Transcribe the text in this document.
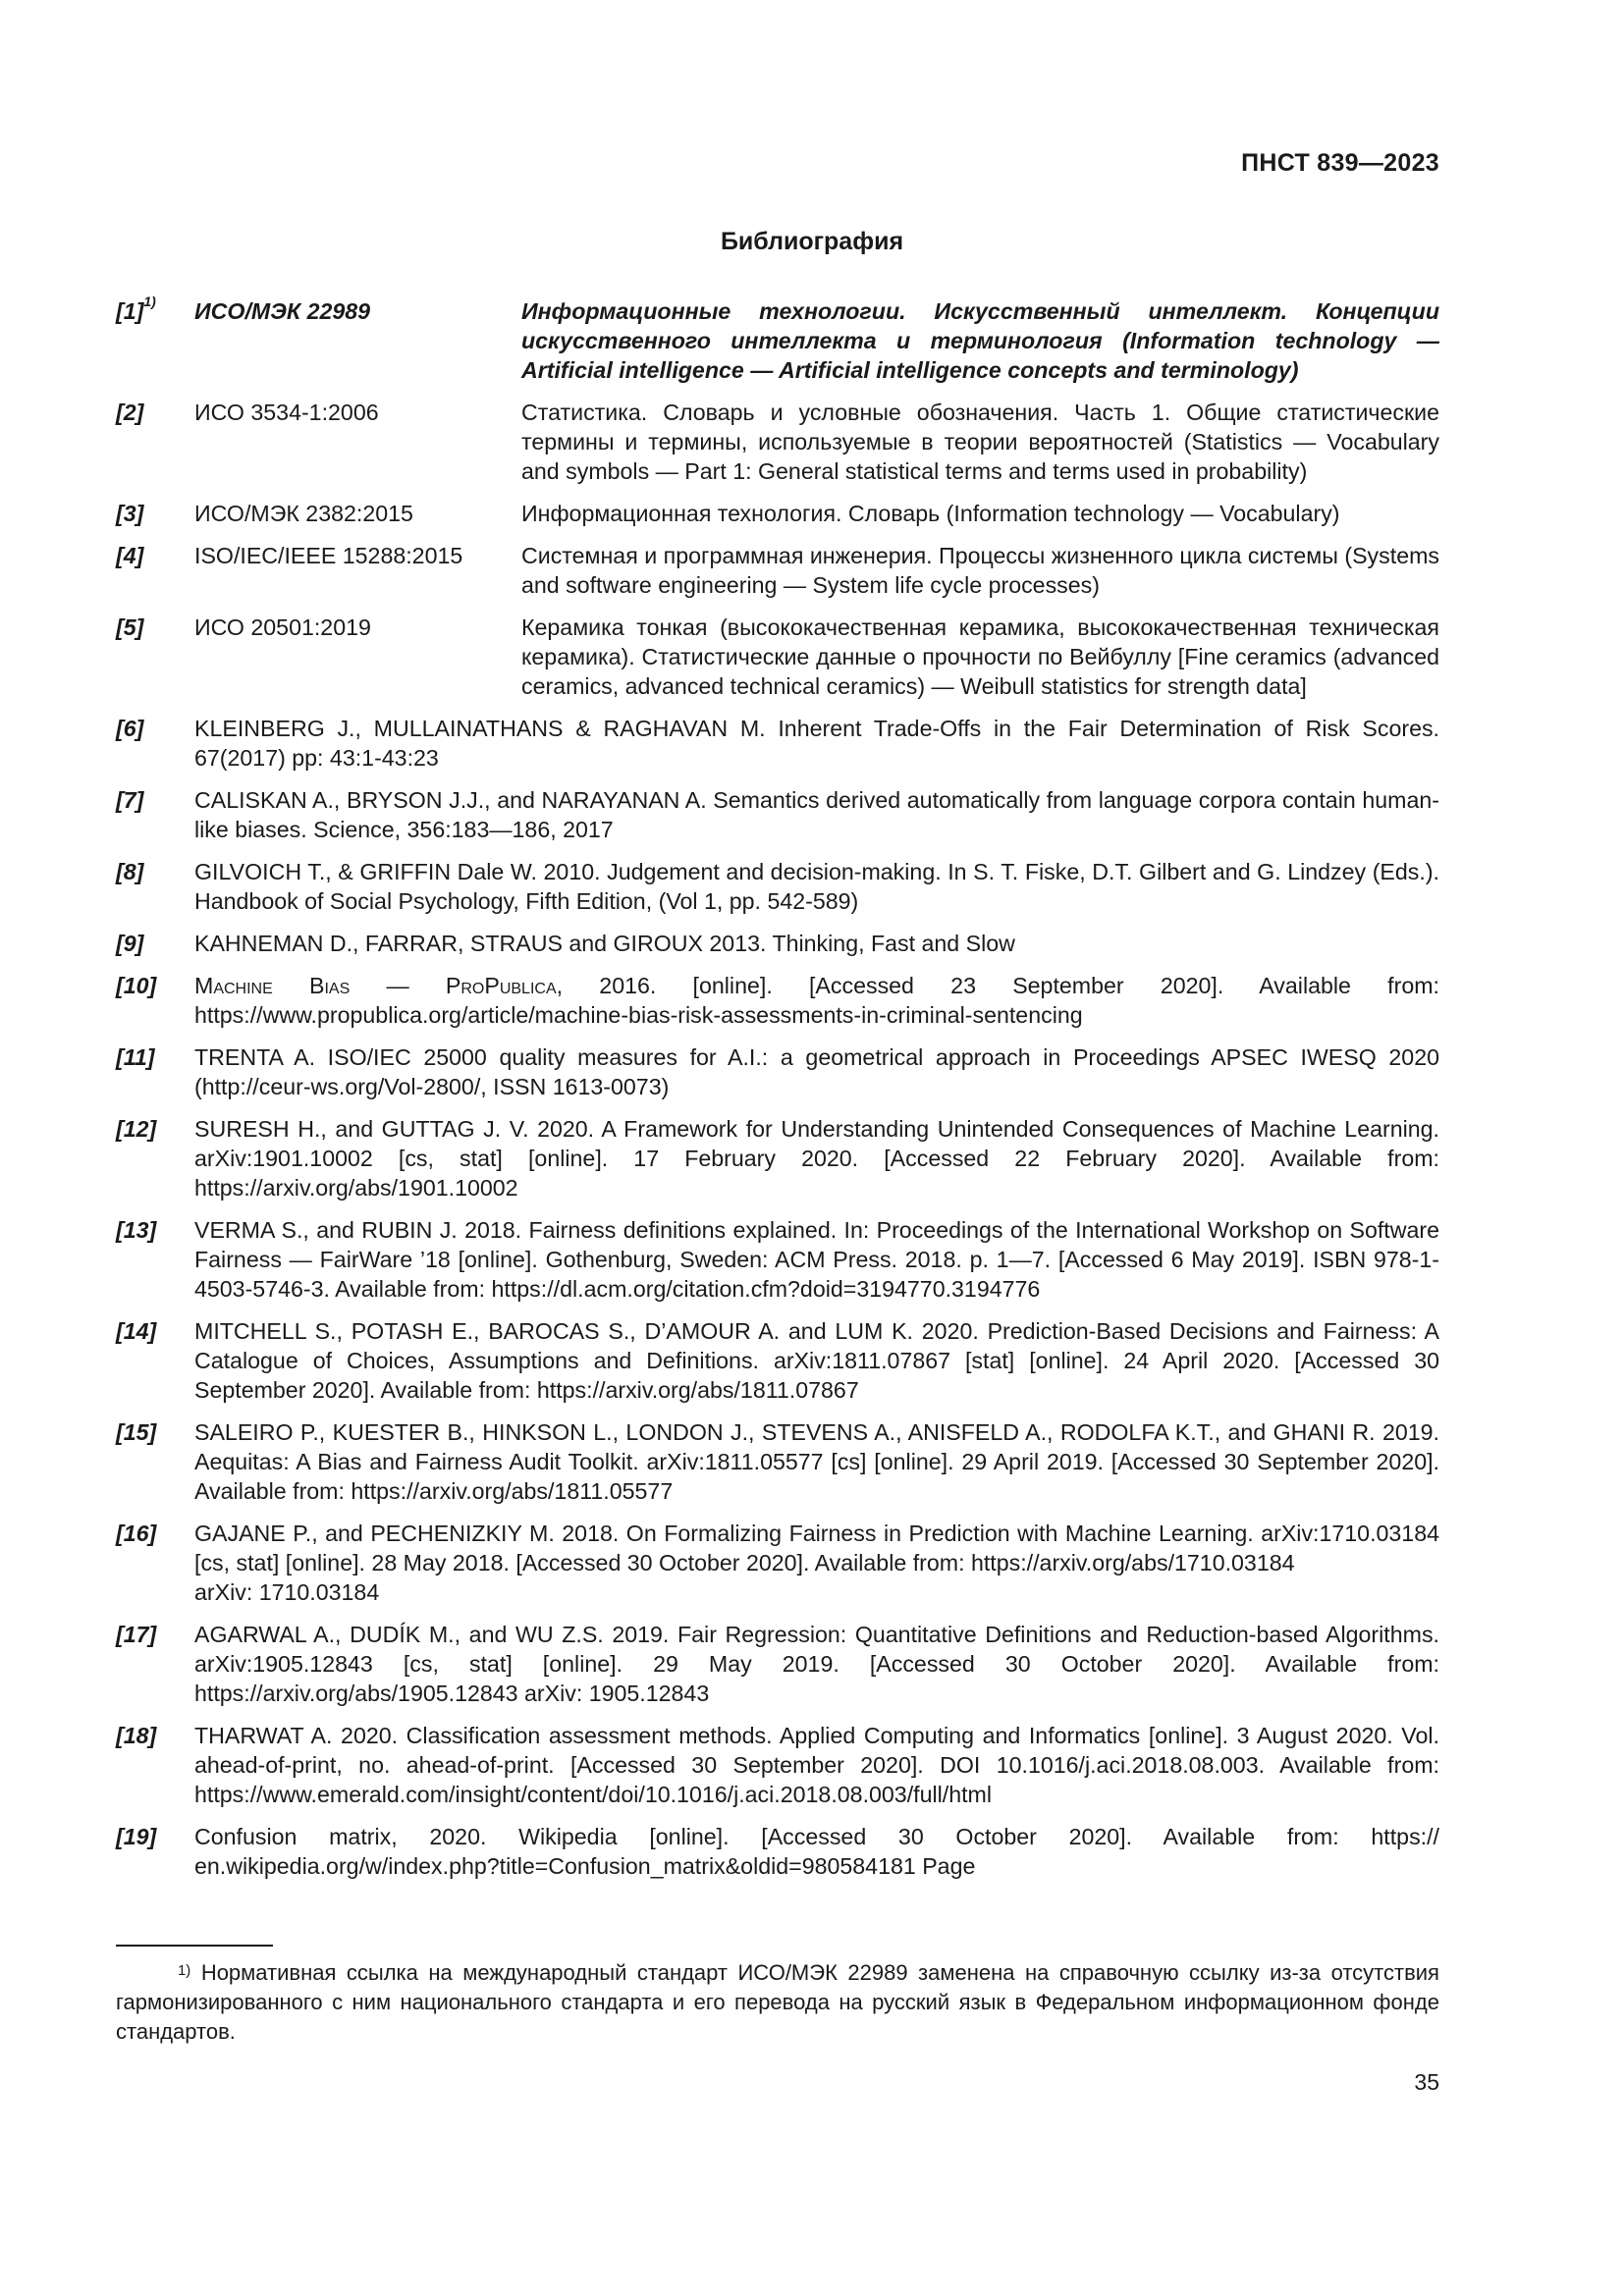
ПНСТ 839—2023
Библиография
$[1]^{1)}$	ИСО/МЭК 22989	Информационные технологии. Искусственный интеллект. Концепции искусственного интеллекта и терминология (Information technology — Artificial intelligence — Artificial intelligence concepts and terminology)
[2]	ИСО 3534-1:2006	Статистика. Словарь и условные обозначения. Часть 1. Общие статистические термины и термины, используемые в теории вероятностей (Statistics — Vocabulary and symbols — Part 1: General statistical terms and terms used in probability)
[3]	ИСО/МЭК 2382:2015	Информационная технология. Словарь (Information technology — Vocabulary)
[4]	ISO/IEC/IEEE 15288:2015	Системная и программная инженерия. Процессы жизненного цикла системы (Systems and software engineering — System life cycle processes)
[5]	ИСО 20501:2019	Керамика тонкая (высококачественная керамика, высококачественная техническая керамика). Статистические данные о прочности по Вейбуллу [Fine ceramics (advanced ceramics, advanced technical ceramics) — Weibull statistics for strength data]
[6]	KLEINBERG J., MULLAINATHANS & RAGHAVAN M. Inherent Trade-Offs in the Fair Determination of Risk Scores. 67(2017) pp: 43:1-43:23
[7]	CALISKAN A., BRYSON J.J., and NARAYANAN A. Semantics derived automatically from language corpora contain human-like biases. Science, 356:183—186, 2017
[8]	GILVOICH T., & GRIFFIN Dale W. 2010. Judgement and decision-making. In S. T. Fiske, D.T. Gilbert and G. Lindzey (Eds.). Handbook of Social Psychology, Fifth Edition, (Vol 1, pp. 542-589)
[9]	KAHNEMAN D., FARRAR, STRAUS and GIROUX 2013. Thinking, Fast and Slow
[10]	Machine Bias — ProPublica, 2016. [online]. [Accessed 23 September 2020]. Available from: https://www.propublica.org/article/machine-bias-risk-assessments-in-criminal-sentencing
[11]	TRENTA A. ISO/IEC 25000 quality measures for A.I.: a geometrical approach in Proceedings APSEC IWESQ 2020 (http://ceur-ws.org/Vol-2800/, ISSN 1613-0073)
[12]	SURESH H., and GUTTAG J. V. 2020. A Framework for Understanding Unintended Consequences of Machine Learning. arXiv:1901.10002 [cs, stat] [online]. 17 February 2020. [Accessed 22 February 2020]. Available from: https://arxiv.org/abs/1901.10002
[13]	VERMA S., and RUBIN J. 2018. Fairness definitions explained. In: Proceedings of the International Workshop on Software Fairness — FairWare ’18 [online]. Gothenburg, Sweden: ACM Press. 2018. p. 1—7. [Accessed 6 May 2019]. ISBN 978-1-4503-5746-3. Available from: https://dl.acm.org/citation.cfm?doid=3194770.3194776
[14]	MITCHELL S., POTASH E., BAROCAS S., D’AMOUR A. and LUM K. 2020. Prediction-Based Decisions and Fairness: A Catalogue of Choices, Assumptions and Definitions. arXiv:1811.07867 [stat] [online]. 24 April 2020. [Accessed 30 September 2020]. Available from: https://arxiv.org/abs/1811.07867
[15]	SALEIRO P., KUESTER B., HINKSON L., LONDON J., STEVENS A., ANISFELD A., RODOLFA K.T., and GHANI R. 2019. Aequitas: A Bias and Fairness Audit Toolkit. arXiv:1811.05577 [cs] [online]. 29 April 2019. [Accessed 30 September 2020]. Available from: https://arxiv.org/abs/1811.05577
[16]	GAJANE P., and PECHENIZKIY M. 2018. On Formalizing Fairness in Prediction with Machine Learning. arXiv:1710.03184 [cs, stat] [online]. 28 May 2018. [Accessed 30 October 2020]. Available from: https://arxiv.org/abs/1710.03184
arXiv: 1710.03184
[17]	AGARWAL A., DUDÍK M., and WU Z.S. 2019. Fair Regression: Quantitative Definitions and Reduction-based Algorithms. arXiv:1905.12843 [cs, stat] [online]. 29 May 2019. [Accessed 30 October 2020]. Available from: https://arxiv.org/abs/1905.12843 arXiv: 1905.12843
[18]	THARWAT A. 2020. Classification assessment methods. Applied Computing and Informatics [online]. 3 August 2020. Vol. ahead-of-print, no. ahead-of-print. [Accessed 30 September 2020]. DOI 10.1016/j.aci.2018.08.003. Available from: https://www.emerald.com/insight/content/doi/10.1016/j.aci.2018.08.003/full/html
[19]	Confusion matrix, 2020. Wikipedia [online]. [Accessed 30 October 2020]. Available from: https:// en.wikipedia.org/w/index.php?title=Confusion_matrix&oldid=980584181 Page
$^{1)}$ Нормативная ссылка на международный стандарт ИСО/МЭК 22989 заменена на справочную ссылку из-за отсутствия гармонизированного с ним национального стандарта и его перевода на русский язык в Федеральном информационном фонде стандартов.
35
